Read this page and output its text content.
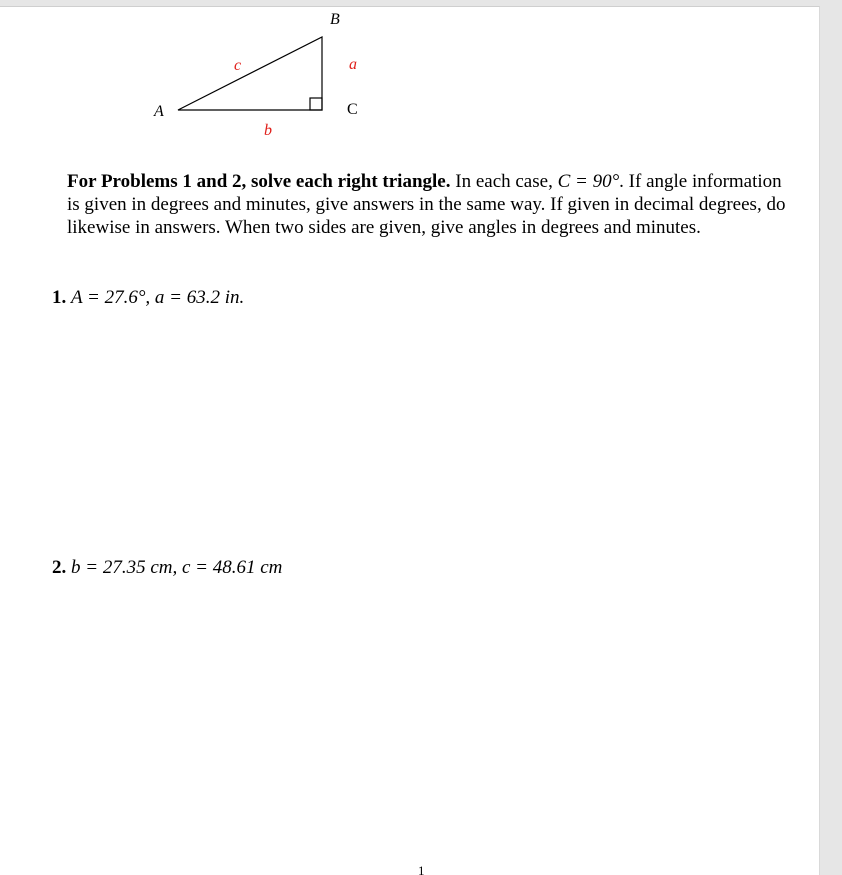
B
A	C
c	a
b
For Problems 1 and 2, solve each right triangle. In each case, C = 90°. If angle information is given in degrees and minutes, give answers in the same way. If given in decimal degrees, do likewise in answers. When two sides are given, give angles in degrees and minutes.
1. A = 27.6°, a = 63.2 in.
2. b = 27.35 cm, c = 48.61 cm
1
